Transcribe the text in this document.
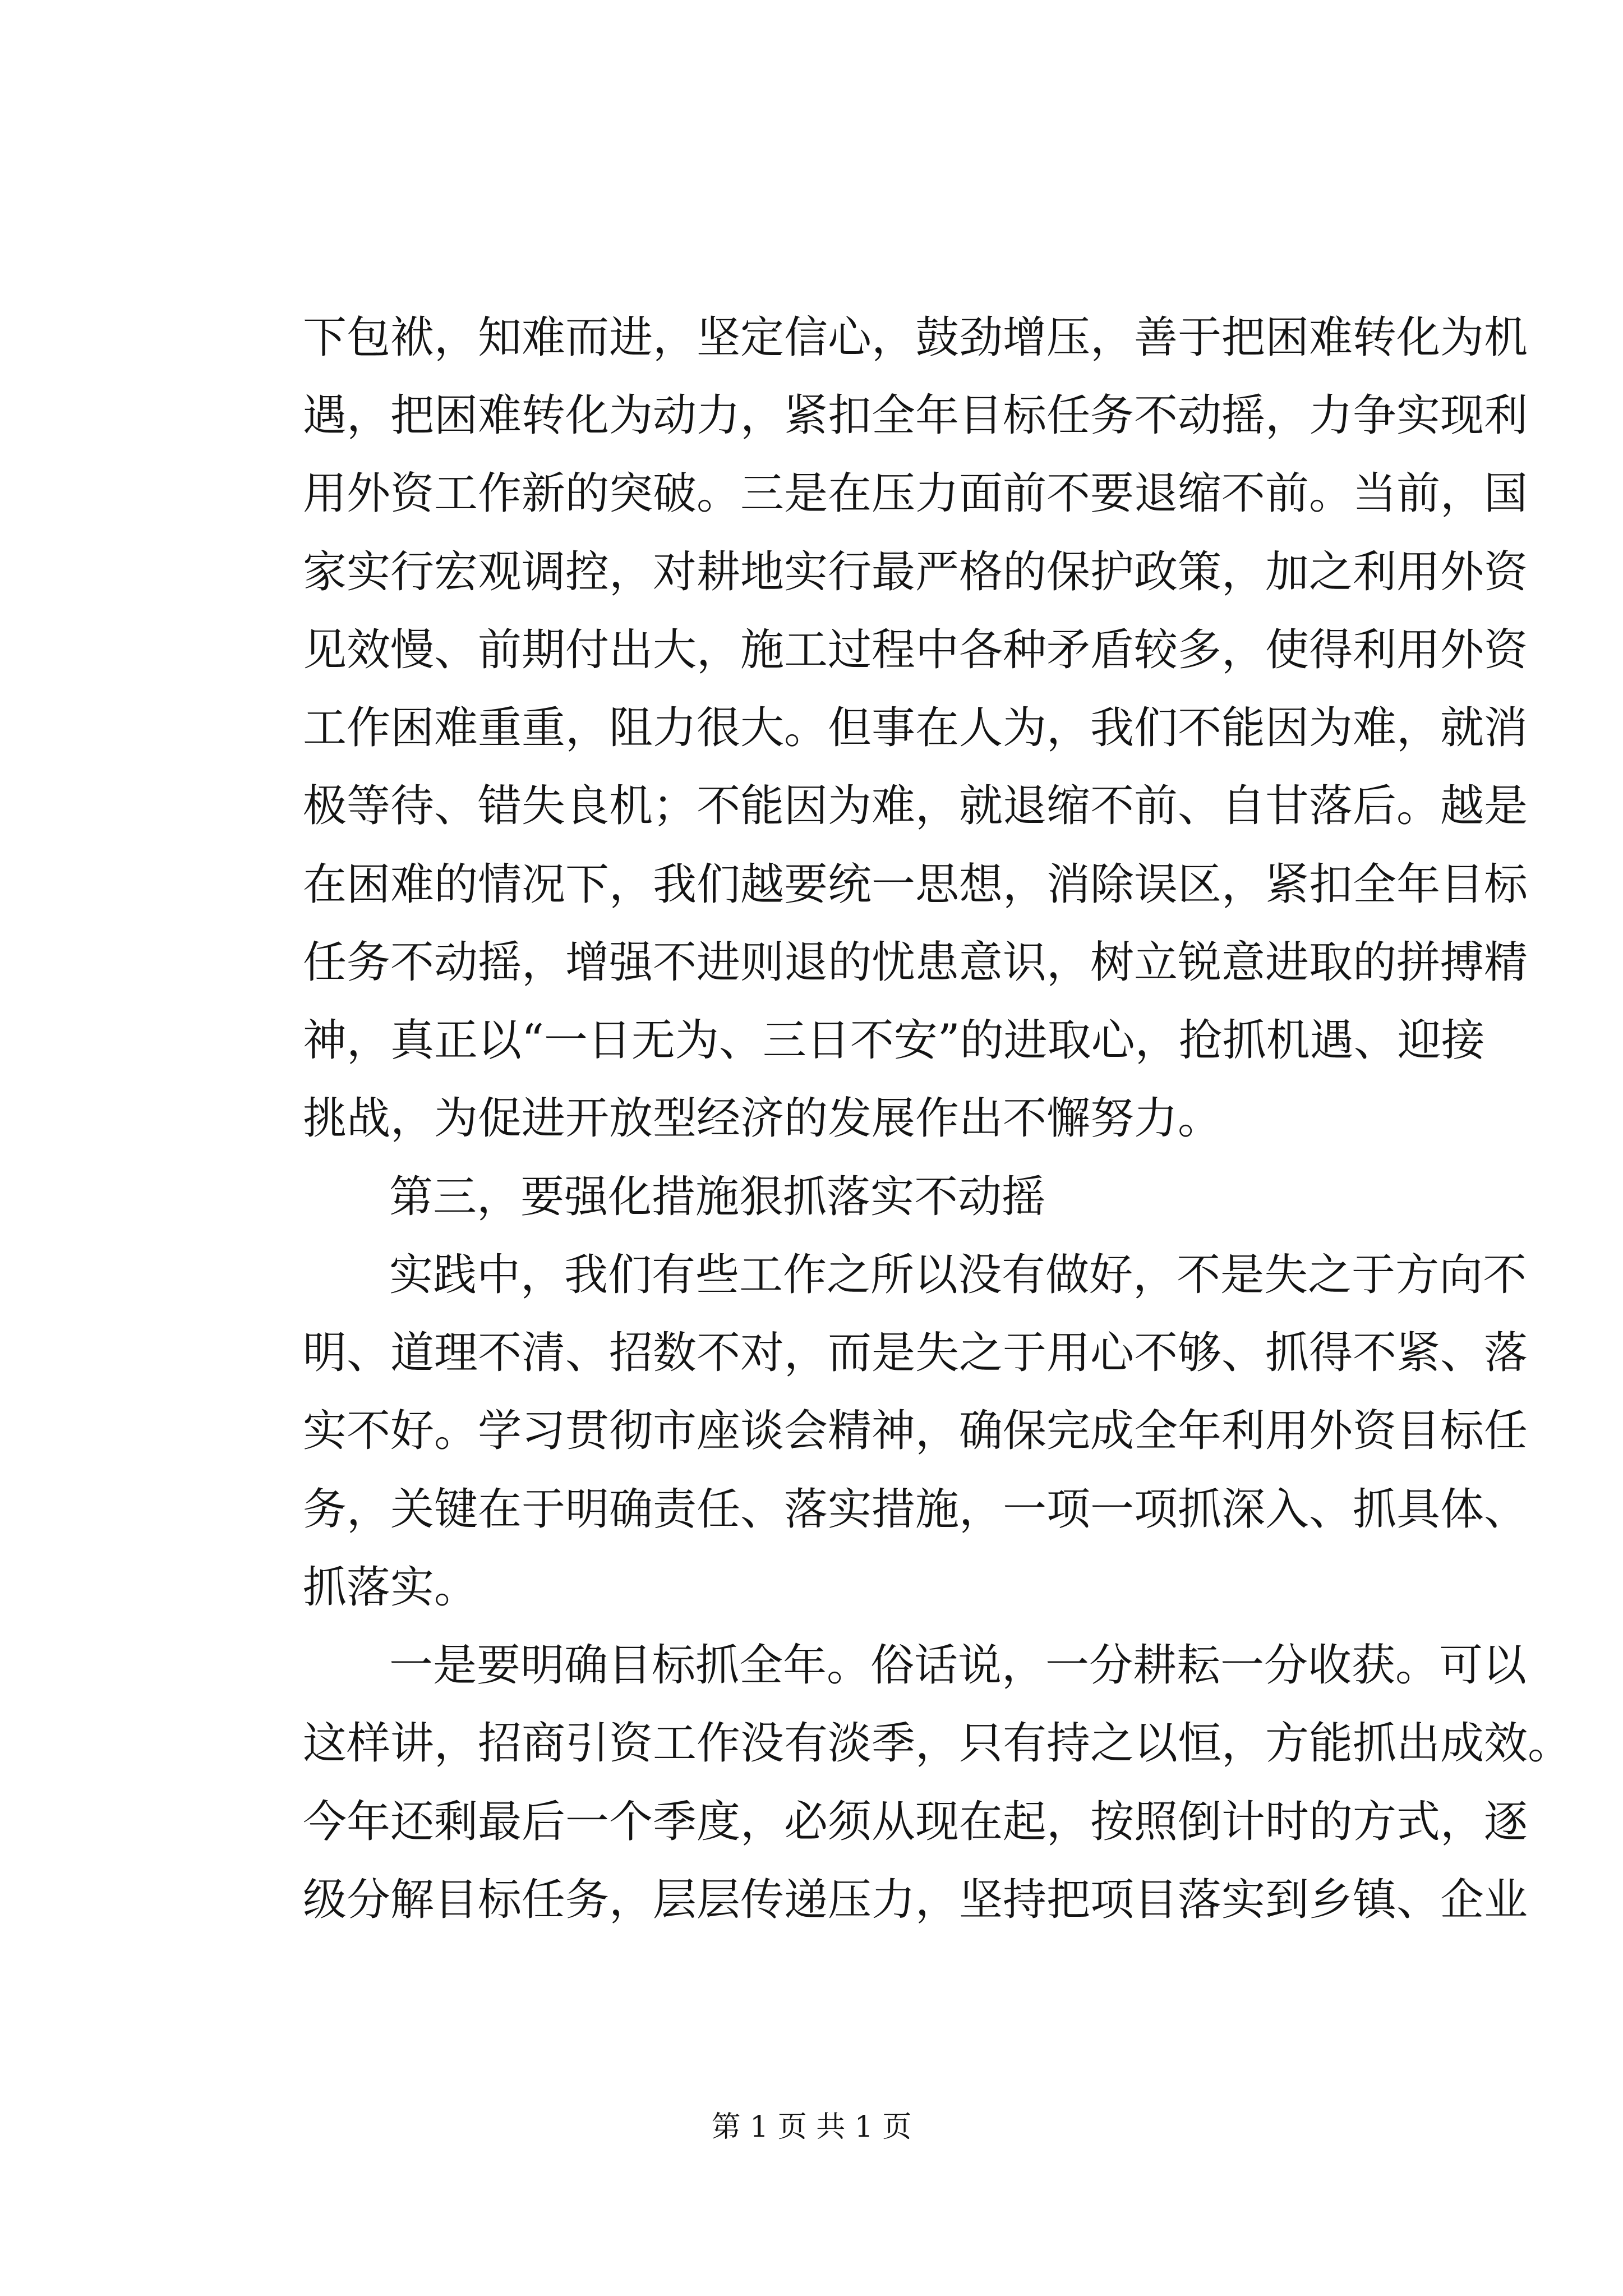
下包袱，知难而进，坚定信心，鼓劲增压，善于把困难转化为机
遇，把困难转化为动力，紧扣全年目标任务不动摇，力争实现利
用外资工作新的突破。三是在压力面前不要退缩不前。当前，国
家实行宏观调控，对耕地实行最严格的保护政策，加之利用外资
见效慢、前期付出大，施工过程中各种矛盾较多，使得利用外资
工作困难重重，阻力很大。但事在人为，我们不能因为难，就消
极等待、错失良机；不能因为难，就退缩不前、自甘落后。越是
在困难的情况下，我们越要统一思想，消除误区，紧扣全年目标
任务不动摇，增强不进则退的忧患意识，树立锐意进取的拼搏精
神，真正以“一日无为、三日不安”的进取心，抢抓机遇、迎接
挑战，为促进开放型经济的发展作出不懈努力。
第三，要强化措施狠抓落实不动摇
实践中，我们有些工作之所以没有做好，不是失之于方向不
明、道理不清、招数不对，而是失之于用心不够、抓得不紧、落
实不好。学习贯彻市座谈会精神，确保完成全年利用外资目标任
务，关键在于明确责任、落实措施，一项一项抓深入、抓具体、
抓落实。
一是要明确目标抓全年。俗话说，一分耕耘一分收获。可以
这样讲，招商引资工作没有淡季，只有持之以恒，方能抓出成效。
今年还剩最后一个季度，必须从现在起，按照倒计时的方式，逐
级分解目标任务，层层传递压力，坚持把项目落实到乡镇、企业
第 1 页 共 1 页
